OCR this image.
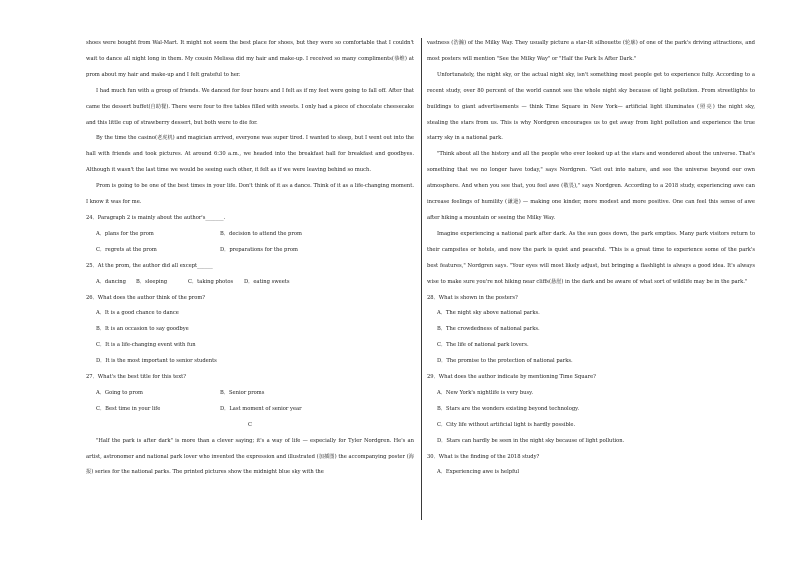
shoes were bought from Wal-Mart. It might not seem the best place for shoes, but they were so comfortable that I couldn't wait to dance all night long in them. My cousin Melissa did my hair and make-up. I received so many compliments(恭维) at prom about my hair and make-up and I felt grateful to her.

I had much fun with a group of friends. We danced for four hours and I felt as if my feet were going to fall off. After that came the dessert buffet(自助餐). There were four to five tables filled with sweets. I only had a piece of chocolate cheesecake and this little cup of strawberry dessert, but both were to die for.

By the time the casino(老虎机) and magician arrived, everyone was super tired. I wanted to sleep, but I went out into the hall with friends and took pictures. At around 6:30 a.m., we headed into the breakfast hall for breakfast and goodbyes. Although it wasn't the last time we would be seeing each other, it felt as if we were leaving behind so much.

Prom is going to be one of the best times in your life. Don't think of it as a dance. Think of it as a life-changing moment. I know it was for me.

24．Paragraph 2 is mainly about the author's_______.

A．plans for the prom	B．decision to attend the prom
C．regrets at the prom	D．preparations for the prom

25．At the prom, the author did all except______

A．dancing	B．sleeping	C．taking photos	D．eating sweets

26．What does the author think of the prom?

A．It is a good chance to dance

B．It is an occasion to say goodbye

C．It is a life-changing event with fun

D．It is the most important to senior students

27．What's the best title for this text?

A．Going to prom	B．Senior proms
C．Best time in your life	D．Last moment of senior year

C

"Half the park is after dark" is more than a clever saying; it's a way of life — especially for Tyler Nordgren. He's an artist, astronomer and national park lover who invented the expression and illustrated (加插图) the accompanying poster (海报) series for the national parks. The printed pictures show the midnight blue sky with the

vastness (浩瀚) of the Milky Way. They usually picture a star-lit silhouette (轮廓) of one of the park's driving attractions, and most posters will mention "See the Milky Way" or "Half the Park Is After Dark."

Unfortunately, the night sky, or the actual night sky, isn't something most people get to experience fully. According to a recent study, over 80 percent of the world cannot see the whole night sky because of light pollution. From streetlights to buildings to giant advertisements — think Time Square in New York— artificial light illuminates (照亮) the night sky, stealing the stars from us. This is why Nordgren encourages us to get away from light pollution and experience the true starry sky in a national park.

"Think about all the history and all the people who ever looked up at the stars and wondered about the universe. That's something that we no longer have today," says Nordgren. "Get out into nature, and see the universe beyond our own atmosphere. And when you see that, you feel awe (敬畏)," says Nordgren. According to a 2018 study, experiencing awe can increase feelings of humility (谦逊) — making one kinder, more modest and more positive. One can feel this sense of awe after hiking a mountain or seeing the Milky Way.

Imagine experiencing a national park after dark. As the sun goes down, the park empties. Many park visitors return to their campsites or hotels, and now the park is quiet and peaceful. "This is a great time to experience some of the park's best features," Nordgren says. "Your eyes will most likely adjust, but bringing a flashlight is always a good idea. It's always wise to make sure you're not hiking near cliffs(悬崖) in the dark and be aware of what sort of wildlife may be in the park."

28．What is shown in the posters?

A．The night sky above national parks.

B．The crowdedness of national parks.

C．The life of national park lovers.

D．The promise to the protection of national parks.

29．What does the author indicate by mentioning Time Square?

A．New York's nightlife is very busy.

B．Stars are the wonders existing beyond technology.

C．City life without artificial light is hardly possible.

D．Stars can hardly be seen in the night sky because of light pollution.

30．What is the finding of the 2018 study?

A．Experiencing awe is helpful
